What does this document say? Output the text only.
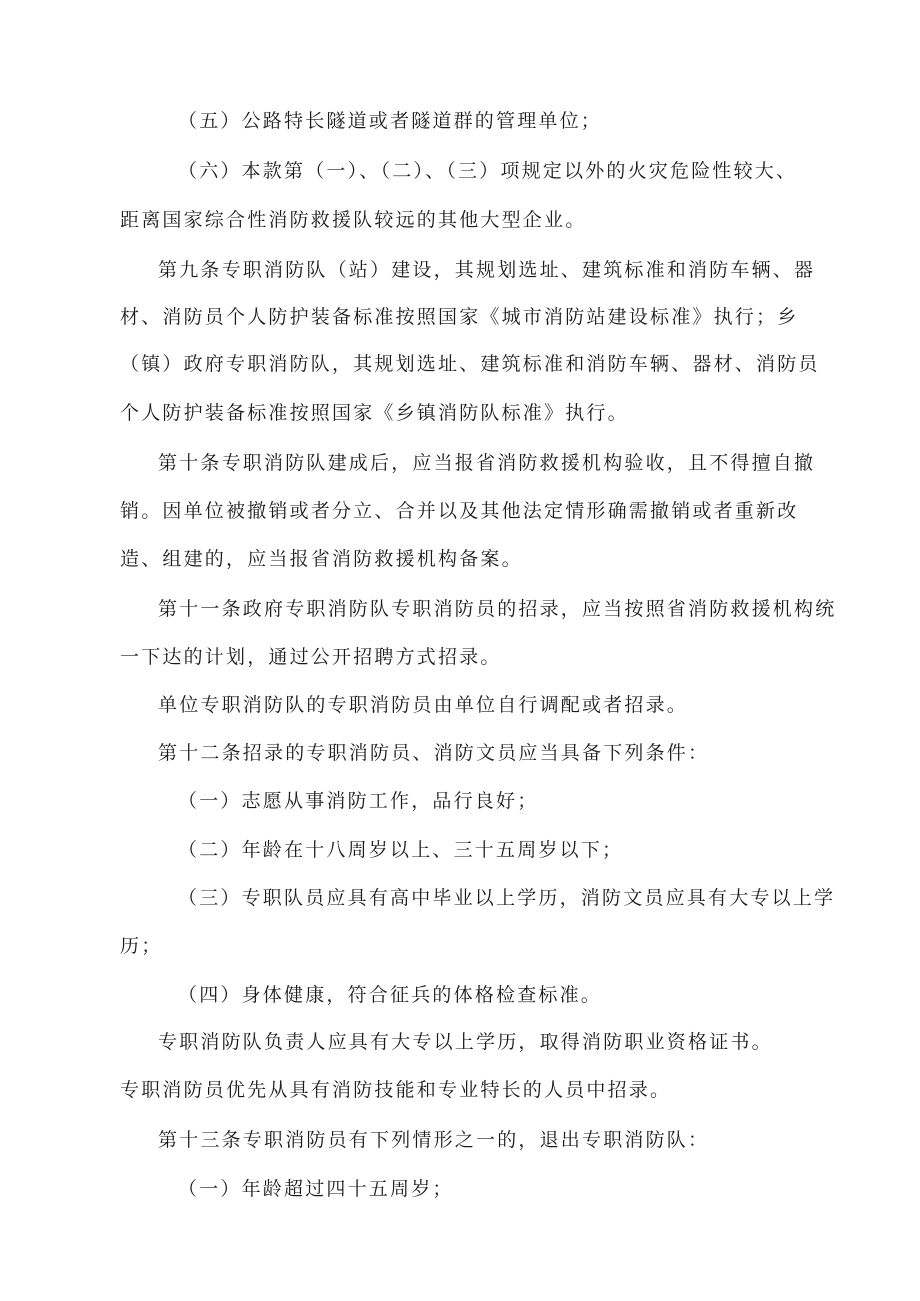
（五）公路特长隧道或者隧道群的管理单位；
（六）本款第（一）、（二）、（三）项规定以外的火灾危险性较大、
距离国家综合性消防救援队较远的其他大型企业。
第九条专职消防队（站）建设，其规划选址、建筑标准和消防车辆、器
材、消防员个人防护装备标准按照国家《城市消防站建设标准》执行；乡
（镇）政府专职消防队，其规划选址、建筑标准和消防车辆、器材、消防员
个人防护装备标准按照国家《乡镇消防队标准》执行。
第十条专职消防队建成后，应当报省消防救援机构验收，且不得擅自撤
销。因单位被撤销或者分立、合并以及其他法定情形确需撤销或者重新改
造、组建的，应当报省消防救援机构备案。
第十一条政府专职消防队专职消防员的招录，应当按照省消防救援机构统
一下达的计划，通过公开招聘方式招录。
单位专职消防队的专职消防员由单位自行调配或者招录。
第十二条招录的专职消防员、消防文员应当具备下列条件：
（一）志愿从事消防工作，品行良好；
（二）年龄在十八周岁以上、三十五周岁以下；
（三）专职队员应具有高中毕业以上学历，消防文员应具有大专以上学
历；
（四）身体健康，符合征兵的体格检查标准。
专职消防队负责人应具有大专以上学历，取得消防职业资格证书。
专职消防员优先从具有消防技能和专业特长的人员中招录。
第十三条专职消防员有下列情形之一的，退出专职消防队：
（一）年龄超过四十五周岁；
